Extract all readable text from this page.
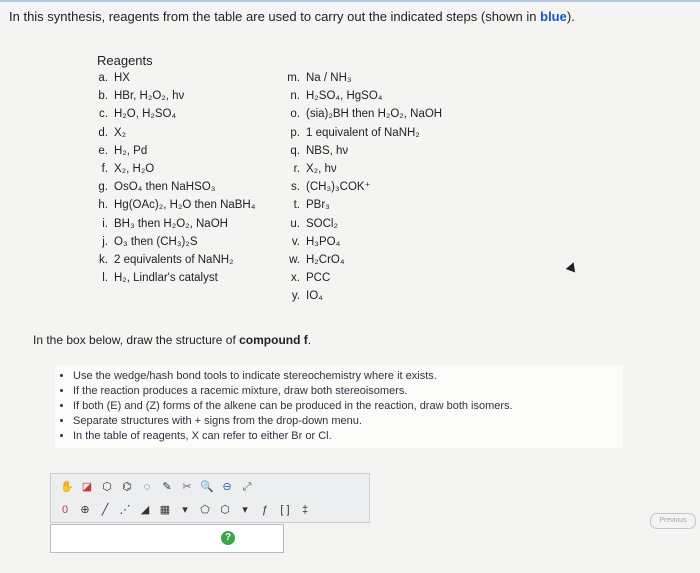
In this synthesis, reagents from the table are used to carry out the indicated steps (shown in blue).
Reagents
a. HX
b. HBr, H₂O₂, hν
c. H₂O, H₂SO₄
d. X₂
e. H₂, Pd
f. X₂, H₂O
g. OsO₄ then NaHSO₃
h. Hg(OAc)₂, H₂O then NaBH₄
i. BH₃ then H₂O₂, NaOH
j. O₃ then (CH₃)₂S
k. 2 equivalents of NaNH₂
l. H₂, Lindlar's catalyst
m. Na / NH₃
n. H₂SO₄, HgSO₄
o. (sia)₂BH then H₂O₂, NaOH
p. 1 equivalent of NaNH₂
q. NBS, hν
r. X₂, hν
s. (CH₃)₃COK⁺
t. PBr₃
u. SOCl₂
v. H₃PO₄
w. H₂CrO₄
x. PCC
y. IO₄
In the box below, draw the structure of compound f.
• Use the wedge/hash bond tools to indicate stereochemistry where it exists.
• If the reaction produces a racemic mixture, draw both stereoisomers.
• If both (E) and (Z) forms of the alkene can be produced in the reaction, draw both isomers.
• Separate structures with + signs from the drop-down menu.
• In the table of reagents, X can refer to either Br or Cl.
✋ ◪ ⬡ ⌬	◌	✎ ✂ 🔍 ⊖ ⤢
0	⊕	╱	⋰ ◢ ▦	▾	⬠ ⬡	▾	ƒ	[ ]	‡
?
Previous
